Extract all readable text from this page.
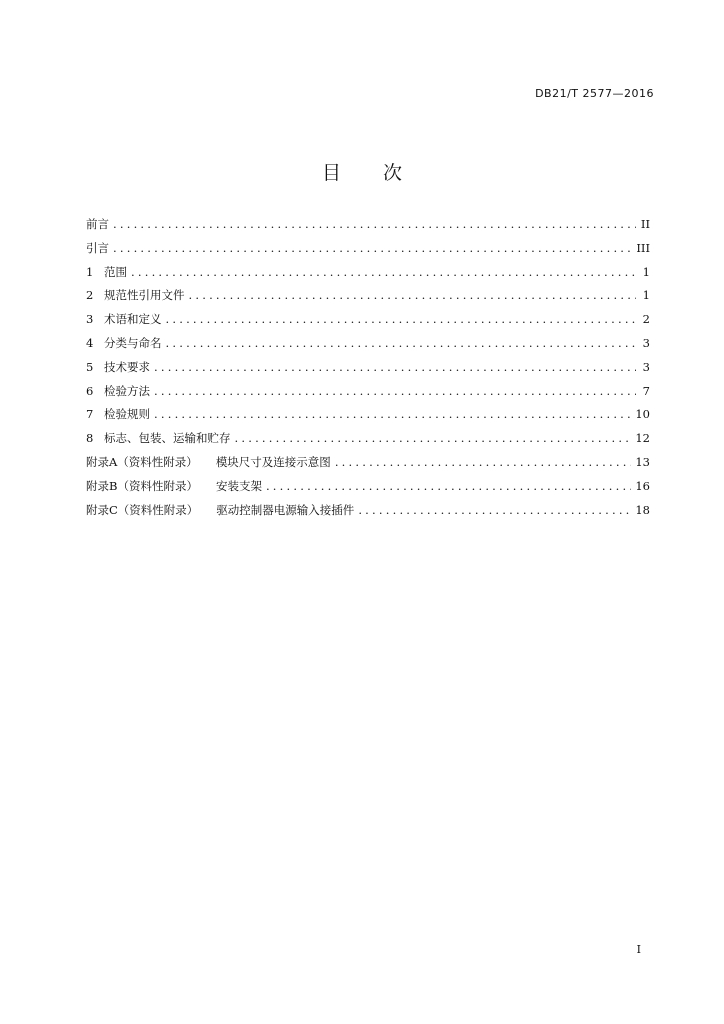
DB21/T 2577—2016
目 次
前言 .....	II
引言 .....	III
1 范围 .....	1
2 规范性引用文件 .....	1
3 术语和定义 .....	2
4 分类与命名 .....	3
5 技术要求 .....	3
6 检验方法 .....	7
7 检验规则 .....	10
8 标志、包装、运输和贮存 .....	12
附录A（资料性附录） 模块尺寸及连接示意图 .....	13
附录B（资料性附录） 安装支架 .....	16
附录C（资料性附录） 驱动控制器电源输入接插件 .....	18
I
